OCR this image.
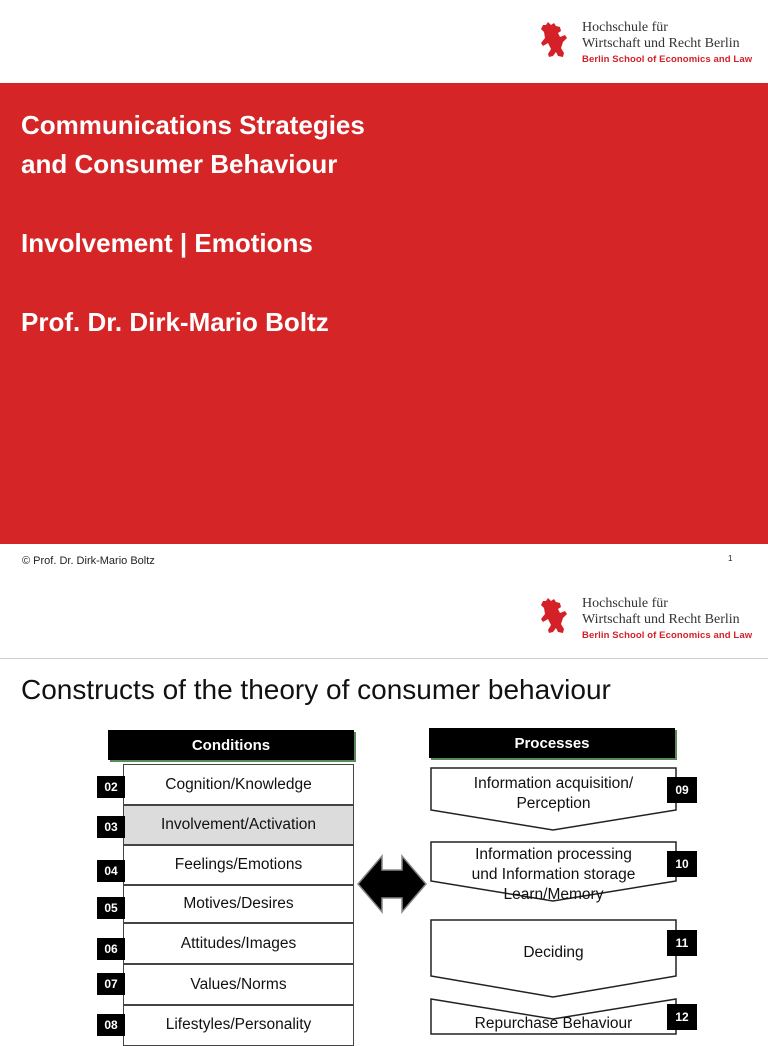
Hochschule für
Wirtschaft und Recht Berlin
Berlin School of Economics and Law
Communications Strategies
and Consumer Behaviour
Involvement | Emotions
Prof. Dr. Dirk-Mario Boltz
© Prof. Dr. Dirk-Mario Boltz	1
Hochschule für
Wirtschaft und Recht Berlin
Berlin School of Economics and Law
Constructs of the theory of consumer behaviour
Conditions	Processes
Cognition/Knowledge
02
Involvement/Activation
03
Feelings/Emotions
04
Motives/Desires
05
Attitudes/Images
06
Values/Norms
07
Lifestyles/Personality
08
Information acquisition/
Perception
09
Information processing
und Information storage
Learn/Memory
10
Deciding
11
Repurchase Behaviour	12
